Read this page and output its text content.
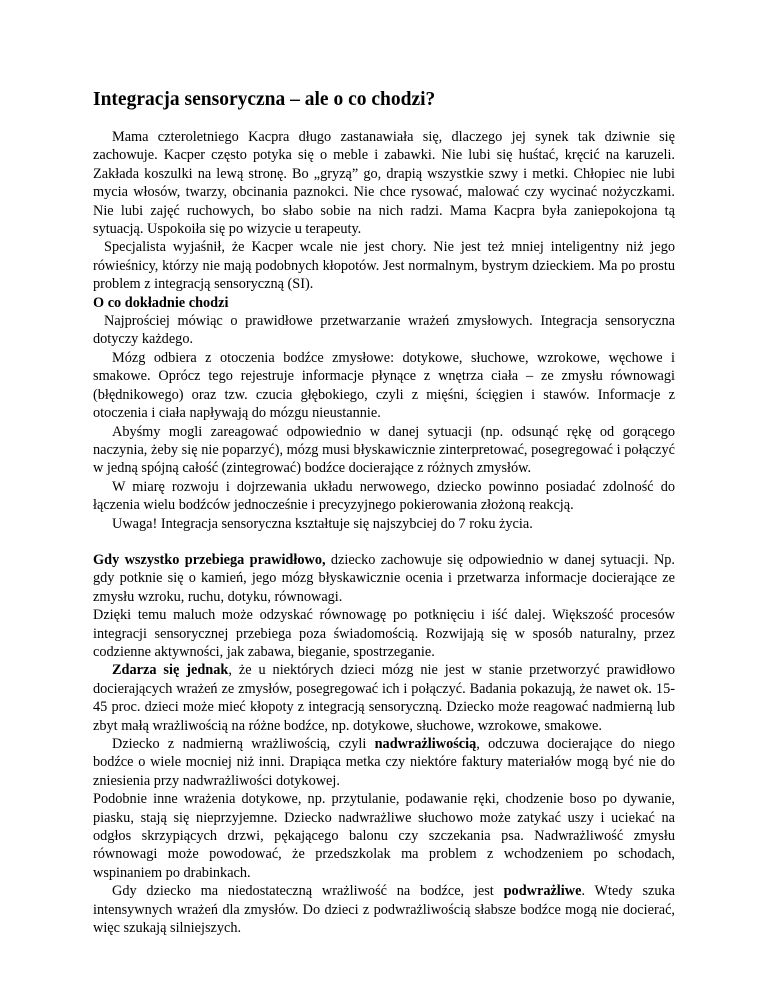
Integracja sensoryczna – ale o co chodzi?

Mama czteroletniego Kacpra długo zastanawiała się, dlaczego jej synek tak dziwnie się zachowuje. Kacper często potyka się o meble i zabawki. Nie lubi się huśtać, kręcić na karuzeli. Zakłada koszulki na lewą stronę. Bo „gryzą” go, drapią wszystkie szwy i metki. Chłopiec nie lubi mycia włosów, twarzy, obcinania paznokci. Nie chce rysować, malować czy wycinać nożyczkami. Nie lubi zajęć ruchowych, bo słabo sobie na nich radzi. Mama Kacpra była zaniepokojona tą sytuacją. Uspokoiła się po wizycie u terapeuty.

Specjalista wyjaśnił, że Kacper wcale nie jest chory. Nie jest też mniej inteligentny niż jego rówieśnicy, którzy nie mają podobnych kłopotów. Jest normalnym, bystrym dzieckiem. Ma po prostu problem z integracją sensoryczną (SI).

O co dokładnie chodzi

Najprościej mówiąc o prawidłowe przetwarzanie wrażeń zmysłowych. Integracja sensoryczna dotyczy każdego.

Mózg odbiera z otoczenia bodźce zmysłowe: dotykowe, słuchowe, wzrokowe, węchowe i smakowe. Oprócz tego rejestruje informacje płynące z wnętrza ciała – ze zmysłu równowagi (błędnikowego) oraz tzw. czucia głębokiego, czyli z mięśni, ścięgien i stawów. Informacje z otoczenia i ciała napływają do mózgu nieustannie.

Abyśmy mogli zareagować odpowiednio w danej sytuacji (np. odsunąć rękę od gorącego naczynia, żeby się nie poparzyć), mózg musi błyskawicznie zinterpretować, posegregować i połączyć w jedną spójną całość (zintegrować) bodźce docierające z różnych zmysłów.

W miarę rozwoju i dojrzewania układu nerwowego, dziecko powinno posiadać zdolność do łączenia wielu bodźców jednocześnie i precyzyjnego pokierowania złożoną reakcją.

Uwaga! Integracja sensoryczna kształtuje się najszybciej do 7 roku życia.

Gdy wszystko przebiega prawidłowo, dziecko zachowuje się odpowiednio w danej sytuacji. Np. gdy potknie się o kamień, jego mózg błyskawicznie ocenia i przetwarza informacje docierające ze zmysłu wzroku, ruchu, dotyku, równowagi.

Dzięki temu maluch może odzyskać równowagę po potknięciu i iść dalej. Większość procesów integracji sensorycznej przebiega poza świadomością. Rozwijają się w sposób naturalny, przez codzienne aktywności, jak zabawa, bieganie, spostrzeganie.

Zdarza się jednak, że u niektórych dzieci mózg nie jest w stanie przetworzyć prawidłowo docierających wrażeń ze zmysłów, posegregować ich i połączyć. Badania pokazują, że nawet ok. 15-45 proc. dzieci może mieć kłopoty z integracją sensoryczną. Dziecko może reagować nadmierną lub zbyt małą wrażliwością na różne bodźce, np. dotykowe, słuchowe, wzrokowe, smakowe.

Dziecko z nadmierną wrażliwością, czyli nadwrażliwością, odczuwa docierające do niego bodźce o wiele mocniej niż inni. Drapiąca metka czy niektóre faktury materiałów mogą być nie do zniesienia przy nadwrażliwości dotykowej.

Podobnie inne wrażenia dotykowe, np. przytulanie, podawanie ręki, chodzenie boso po dywanie, piasku, stają się nieprzyjemne. Dziecko nadwrażliwe słuchowo może zatykać uszy i uciekać na odgłos skrzypiących drzwi, pękającego balonu czy szczekania psa. Nadwrażliwość zmysłu równowagi może powodować, że przedszkolak ma problem z wchodzeniem po schodach, wspinaniem po drabinkach.

Gdy dziecko ma niedostateczną wrażliwość na bodźce, jest podwrażliwe. Wtedy szuka intensywnych wrażeń dla zmysłów. Do dzieci z podwrażliwością słabsze bodźce mogą nie docierać, więc szukają silniejszych.
